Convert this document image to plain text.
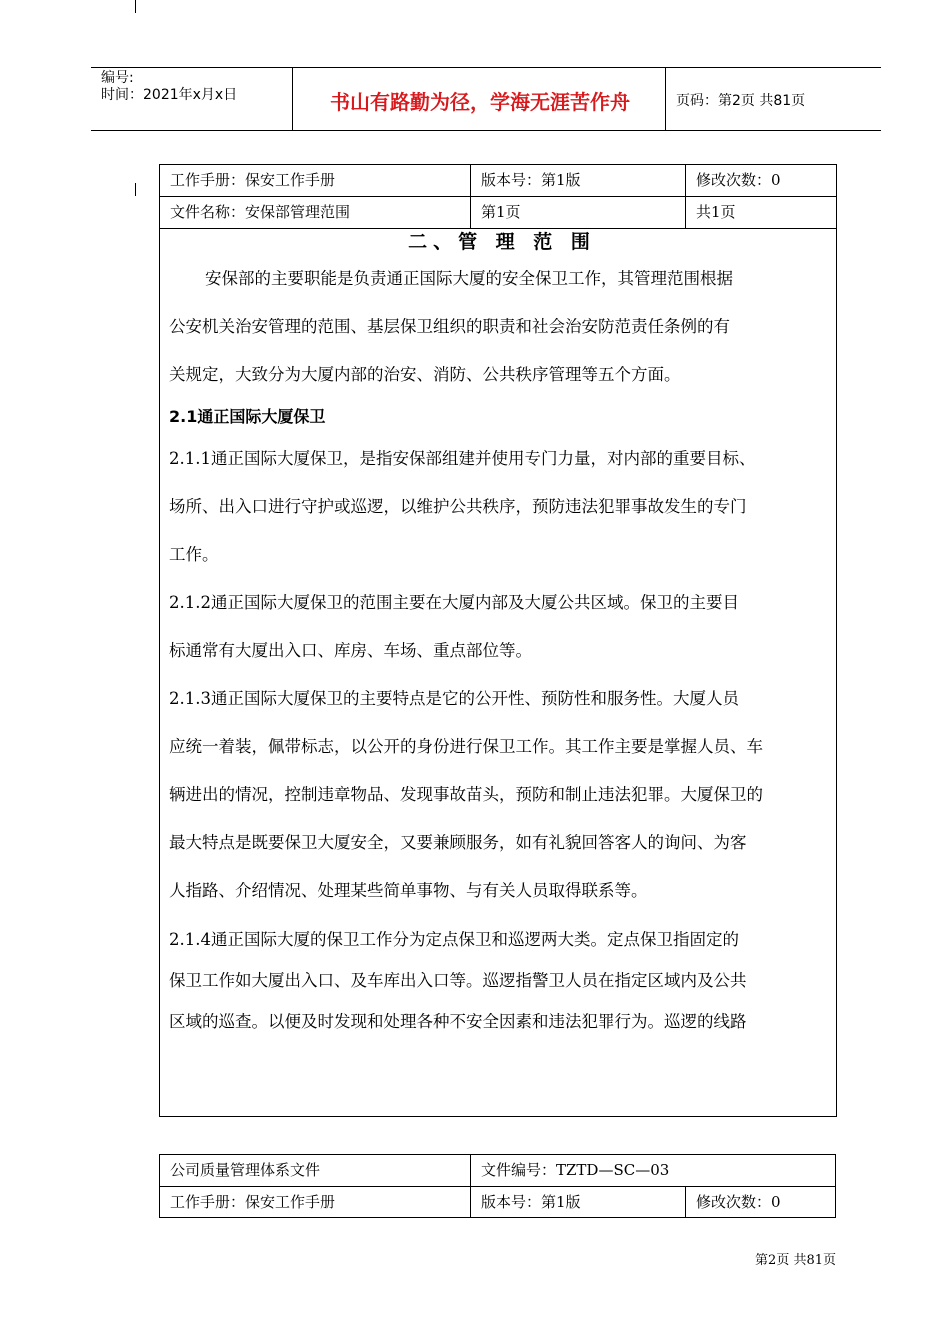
编号:
时间：2021年x月x日	书山有路勤为径，学海无涯苦作舟	页码：第2页 共81页
工作手册：保安工作手册	版本号：第1版	修改次数：0
文件名称：安保部管理范围	第1页	共1页
二、管 理 范 围
安保部的主要职能是负责通正国际大厦的安全保卫工作，其管理范围根据
公安机关治安管理的范围、基层保卫组织的职责和社会治安防范责任条例的有
关规定，大致分为大厦内部的治安、消防、公共秩序管理等五个方面。
2.1通正国际大厦保卫
2.1.1通正国际大厦保卫，是指安保部组建并使用专门力量，对内部的重要目标、
场所、出入口进行守护或巡逻，以维护公共秩序，预防违法犯罪事故发生的专门
工作。
2.1.2通正国际大厦保卫的范围主要在大厦内部及大厦公共区域。保卫的主要目
标通常有大厦出入口、库房、车场、重点部位等。
2.1.3通正国际大厦保卫的主要特点是它的公开性、预防性和服务性。大厦人员
应统一着装，佩带标志，以公开的身份进行保卫工作。其工作主要是掌握人员、车
辆进出的情况，控制违章物品、发现事故苗头，预防和制止违法犯罪。大厦保卫的
最大特点是既要保卫大厦安全，又要兼顾服务，如有礼貌回答客人的询问、为客
人指路、介绍情况、处理某些简单事物、与有关人员取得联系等。
2.1.4通正国际大厦的保卫工作分为定点保卫和巡逻两大类。定点保卫指固定的
保卫工作如大厦出入口、及车库出入口等。巡逻指警卫人员在指定区域内及公共
区域的巡查。以便及时发现和处理各种不安全因素和违法犯罪行为。巡逻的线路
公司质量管理体系文件	文件编号：TZTD—SC—03
工作手册：保安工作手册	版本号：第1版	修改次数：0
第2页 共81页
